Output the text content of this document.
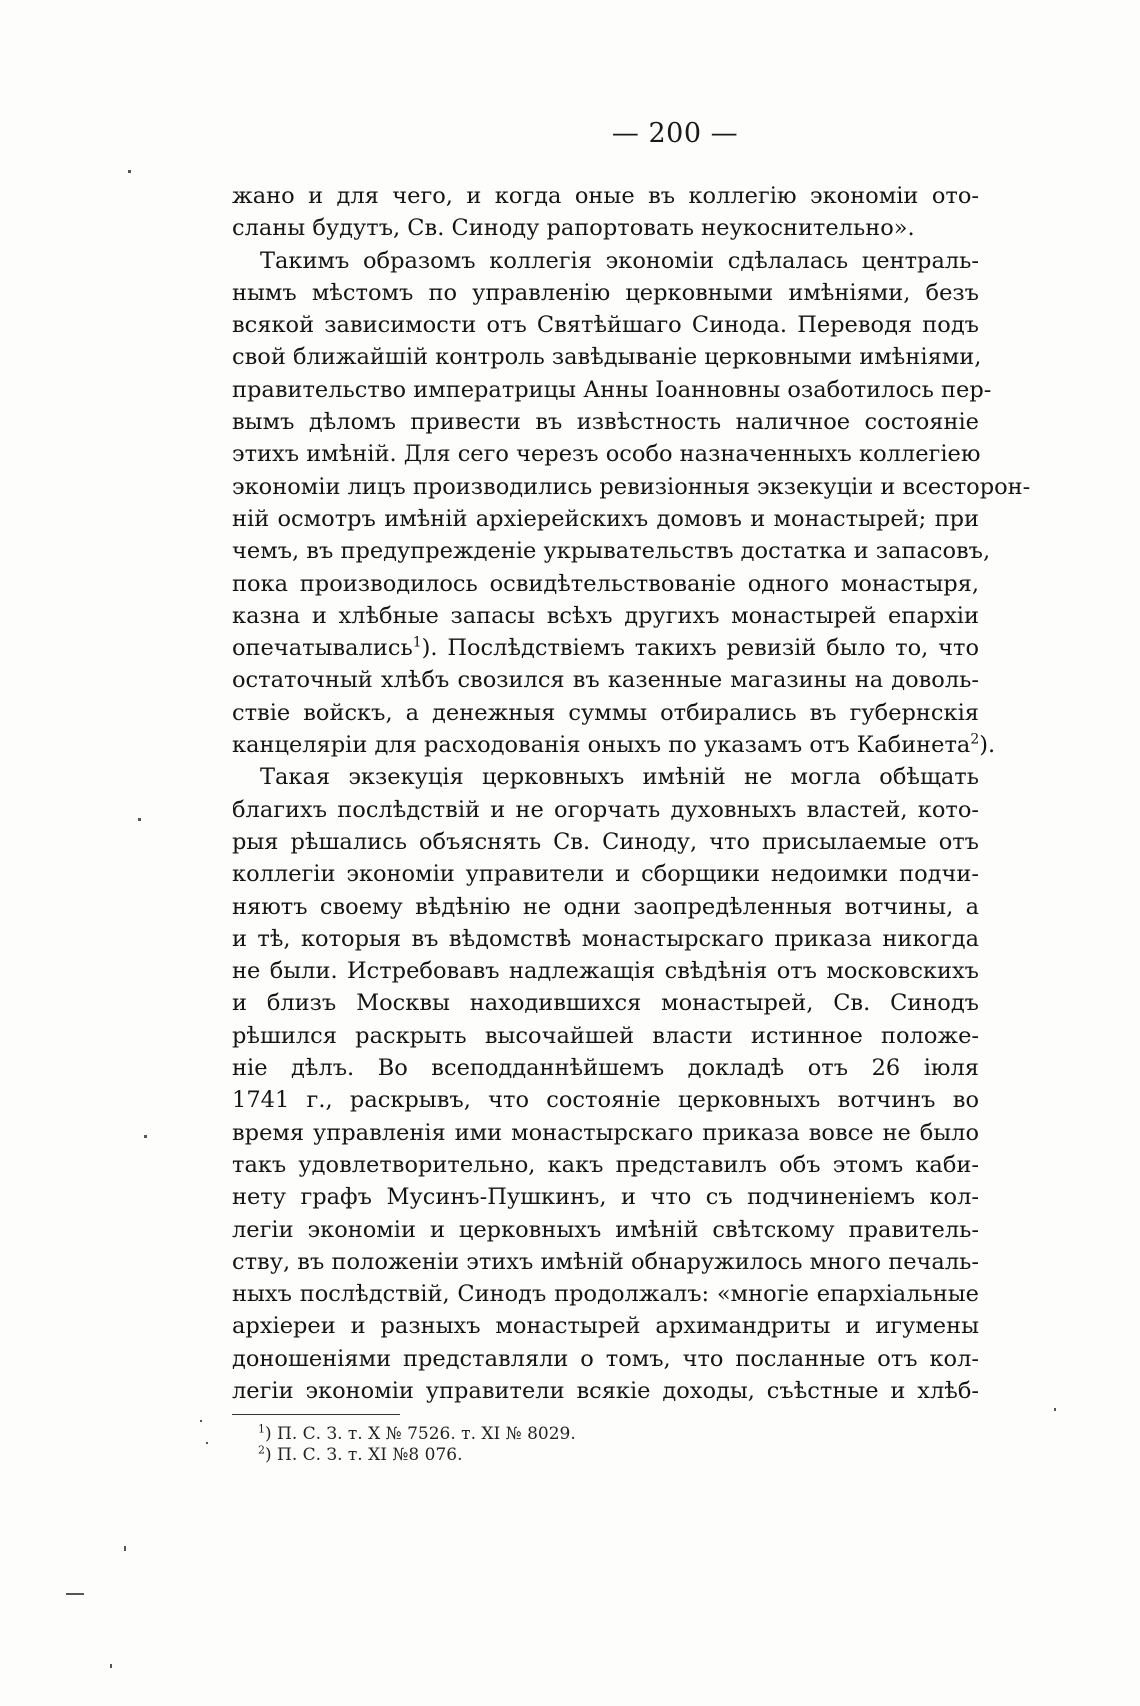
— 200 —
жано и для чего, и когда оные въ коллегію экономіи ото-
сланы будутъ, Св. Синоду рапортовать неукоснительно».
Такимъ образомъ коллегія экономіи сдѣлалась централь-
нымъ мѣстомъ по управленію церковными имѣніями, безъ
всякой зависимости отъ Святѣйшаго Синода. Переводя подъ
свой ближайшій контроль завѣдываніе церковными имѣніями,
правительство императрицы Анны Іоанновны озаботилось пер-
вымъ дѣломъ привести въ извѣстность наличное состояніе
этихъ имѣній. Для сего черезъ особо назначенныхъ коллегіею
экономіи лицъ производились ревизіонныя экзекуціи и всесторон-
ній осмотръ имѣній архіерейскихъ домовъ и монастырей; при
чемъ, въ предупрежденіе укрывательствъ достатка и запасовъ,
пока производилось освидѣтельствованіе одного монастыря,
казна и хлѣбные запасы всѣхъ другихъ монастырей епархіи
опечатывались$^1$). Послѣдствіемъ такихъ ревизій было то, что
остаточный хлѣбъ свозился въ казенные магазины на доволь-
ствіе войскъ, а денежныя суммы отбирались въ губернскія
канцеляріи для расходованія оныхъ по указамъ отъ Кабинета$^2$).
Такая экзекуція церковныхъ имѣній не могла обѣщать
благихъ послѣдствій и не огорчать духовныхъ властей, кото-
рыя рѣшались объяснять Св. Синоду, что присылаемые отъ
коллегіи экономіи управители и сборщики недоимки подчи-
няютъ своему вѣдѣнію не одни заопредѣленныя вотчины, а
и тѣ, которыя въ вѣдомствѣ монастырскаго приказа никогда
не были. Истребовавъ надлежащія свѣдѣнія отъ московскихъ
и близъ Москвы находившихся монастырей, Св. Синодъ
рѣшился раскрыть высочайшей власти истинное положе-
ніе дѣлъ. Во всеподданнѣйшемъ докладѣ отъ 26 іюля
1741 г., раскрывъ, что состояніе церковныхъ вотчинъ во
время управленія ими монастырскаго приказа вовсе не было
такъ удовлетворительно, какъ представилъ объ этомъ каби-
нету графъ Мусинъ-Пушкинъ, и что съ подчиненіемъ кол-
легіи экономіи и церковныхъ имѣній свѣтскому правитель-
ству, въ положеніи этихъ имѣній обнаружилось много печаль-
ныхъ послѣдствій, Синодъ продолжалъ: «многіе епархіальные
архіереи и разныхъ монастырей архимандриты и игумены
доношеніями представляли о томъ, что посланные отъ кол-
легіи экономіи управители всякіе доходы, съѣстные и хлѣб-
$^1$) П. С. З. т. X № 7526. т. XI № 8029.
$^2$) П. С. З. т. XI №8 076.
